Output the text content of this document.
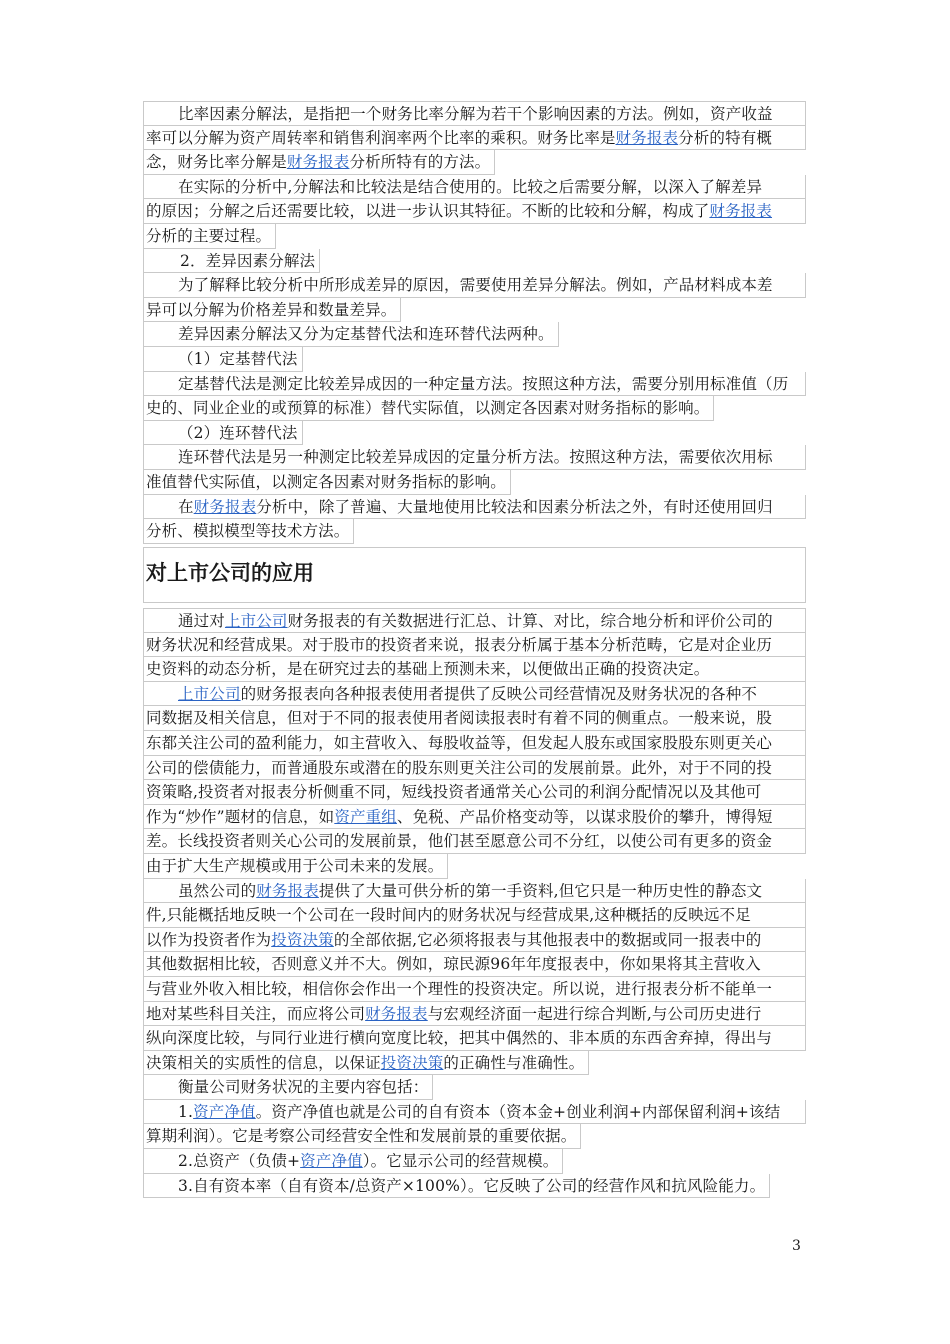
比率因素分解法，是指把一个财务比率分解为若干个影响因素的方法。例如，资产收益
率可以分解为资产周转率和销售利润率两个比率的乘积。财务比率是财务报表分析的特有概
念，财务比率分解是财务报表分析所特有的方法。

在实际的分析中,分解法和比较法是结合使用的。比较之后需要分解，以深入了解差异
的原因；分解之后还需要比较，以进一步认识其特征。不断的比较和分解，构成了财务报表
分析的主要过程。

2．差异因素分解法

为了解释比较分析中所形成差异的原因，需要使用差异分解法。例如，产品材料成本差
异可以分解为价格差异和数量差异。

差异因素分解法又分为定基替代法和连环替代法两种。

（1）定基替代法

定基替代法是测定比较差异成因的一种定量方法。按照这种方法，需要分别用标准值（历
史的、同业企业的或预算的标准）替代实际值，以测定各因素对财务指标的影响。

（2）连环替代法

连环替代法是另一种测定比较差异成因的定量分析方法。按照这种方法，需要依次用标
准值替代实际值，以测定各因素对财务指标的影响。

在财务报表分析中，除了普遍、大量地使用比较法和因素分析法之外，有时还使用回归
分析、模拟模型等技术方法。

对上市公司的应用

通过对上市公司财务报表的有关数据进行汇总、计算、对比，综合地分析和评价公司的
财务状况和经营成果。对于股市的投资者来说，报表分析属于基本分析范畴，它是对企业历
史资料的动态分析，是在研究过去的基础上预测未来，以便做出正确的投资决定。

上市公司的财务报表向各种报表使用者提供了反映公司经营情况及财务状况的各种不
同数据及相关信息，但对于不同的报表使用者阅读报表时有着不同的侧重点。一般来说，股
东都关注公司的盈利能力，如主营收入、每股收益等，但发起人股东或国家股股东则更关心
公司的偿债能力，而普通股东或潜在的股东则更关注公司的发展前景。此外，对于不同的投
资策略,投资者对报表分析侧重不同，短线投资者通常关心公司的利润分配情况以及其他可
作为“炒作”题材的信息，如资产重组、免税、产品价格变动等，以谋求股价的攀升，博得短
差。长线投资者则关心公司的发展前景，他们甚至愿意公司不分红，以使公司有更多的资金
由于扩大生产规模或用于公司未来的发展。

虽然公司的财务报表提供了大量可供分析的第一手资料,但它只是一种历史性的静态文
件,只能概括地反映一个公司在一段时间内的财务状况与经营成果,这种概括的反映远不足
以作为投资者作为投资决策的全部依据,它必须将报表与其他报表中的数据或同一报表中的
其他数据相比较，否则意义并不大。例如，琼民源96年年度报表中，你如果将其主营收入
与营业外收入相比较，相信你会作出一个理性的投资决定。所以说，进行报表分析不能单一
地对某些科目关注，而应将公司财务报表与宏观经济面一起进行综合判断,与公司历史进行
纵向深度比较，与同行业进行横向宽度比较，把其中偶然的、非本质的东西舍弃掉，得出与
决策相关的实质性的信息，以保证投资决策的正确性与准确性。

衡量公司财务状况的主要内容包括：

1.资产净值。资产净值也就是公司的自有资本（资本金+创业利润+内部保留利润+该结
算期利润）。它是考察公司经营安全性和发展前景的重要依据。

2.总资产（负债+资产净值）。它显示公司的经营规模。

3.自有资本率（自有资本/总资产×100%）。它反映了公司的经营作风和抗风险能力。

3
